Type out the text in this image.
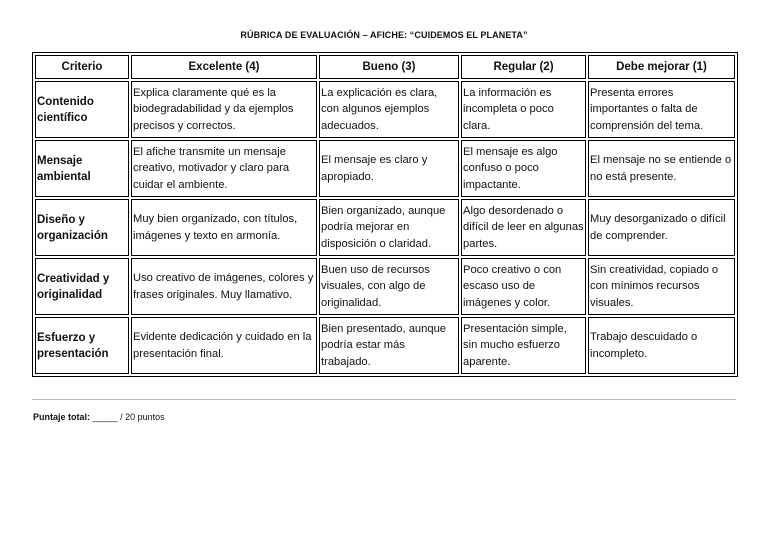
RÚBRICA DE EVALUACIÓN – AFICHE: “CUIDEMOS EL PLANETA”
Criterio	Excelente (4)	Bueno (3)	Regular (2)	Debe mejorar (1)
Contenido científico	Explica claramente qué es la biodegradabilidad y da ejemplos precisos y correctos.	La explicación es clara, con algunos ejemplos adecuados.	La información es incompleta o poco clara.	Presenta errores importantes o falta de comprensión del tema.
Mensaje ambiental	El afiche transmite un mensaje creativo, motivador y claro para cuidar el ambiente.	El mensaje es claro y apropiado.	El mensaje es algo confuso o poco impactante.	El mensaje no se entiende o no está presente.
Diseño y organización	Muy bien organizado, con títulos, imágenes y texto en armonía.	Bien organizado, aunque podría mejorar en disposición o claridad.	Algo desordenado o difícil de leer en algunas partes.	Muy desorganizado o difícil de comprender.
Creatividad y originalidad	Uso creativo de imágenes, colores y frases originales. Muy llamativo.	Buen uso de recursos visuales, con algo de originalidad.	Poco creativo o con escaso uso de imágenes y color.	Sin creatividad, copiado o con mínimos recursos visuales.
Esfuerzo y presentación	Evidente dedicación y cuidado en la presentación final.	Bien presentado, aunque podría estar más trabajado.	Presentación simple, sin mucho esfuerzo aparente.	Trabajo descuidado o incompleto.
Puntaje total: _____ / 20 puntos
